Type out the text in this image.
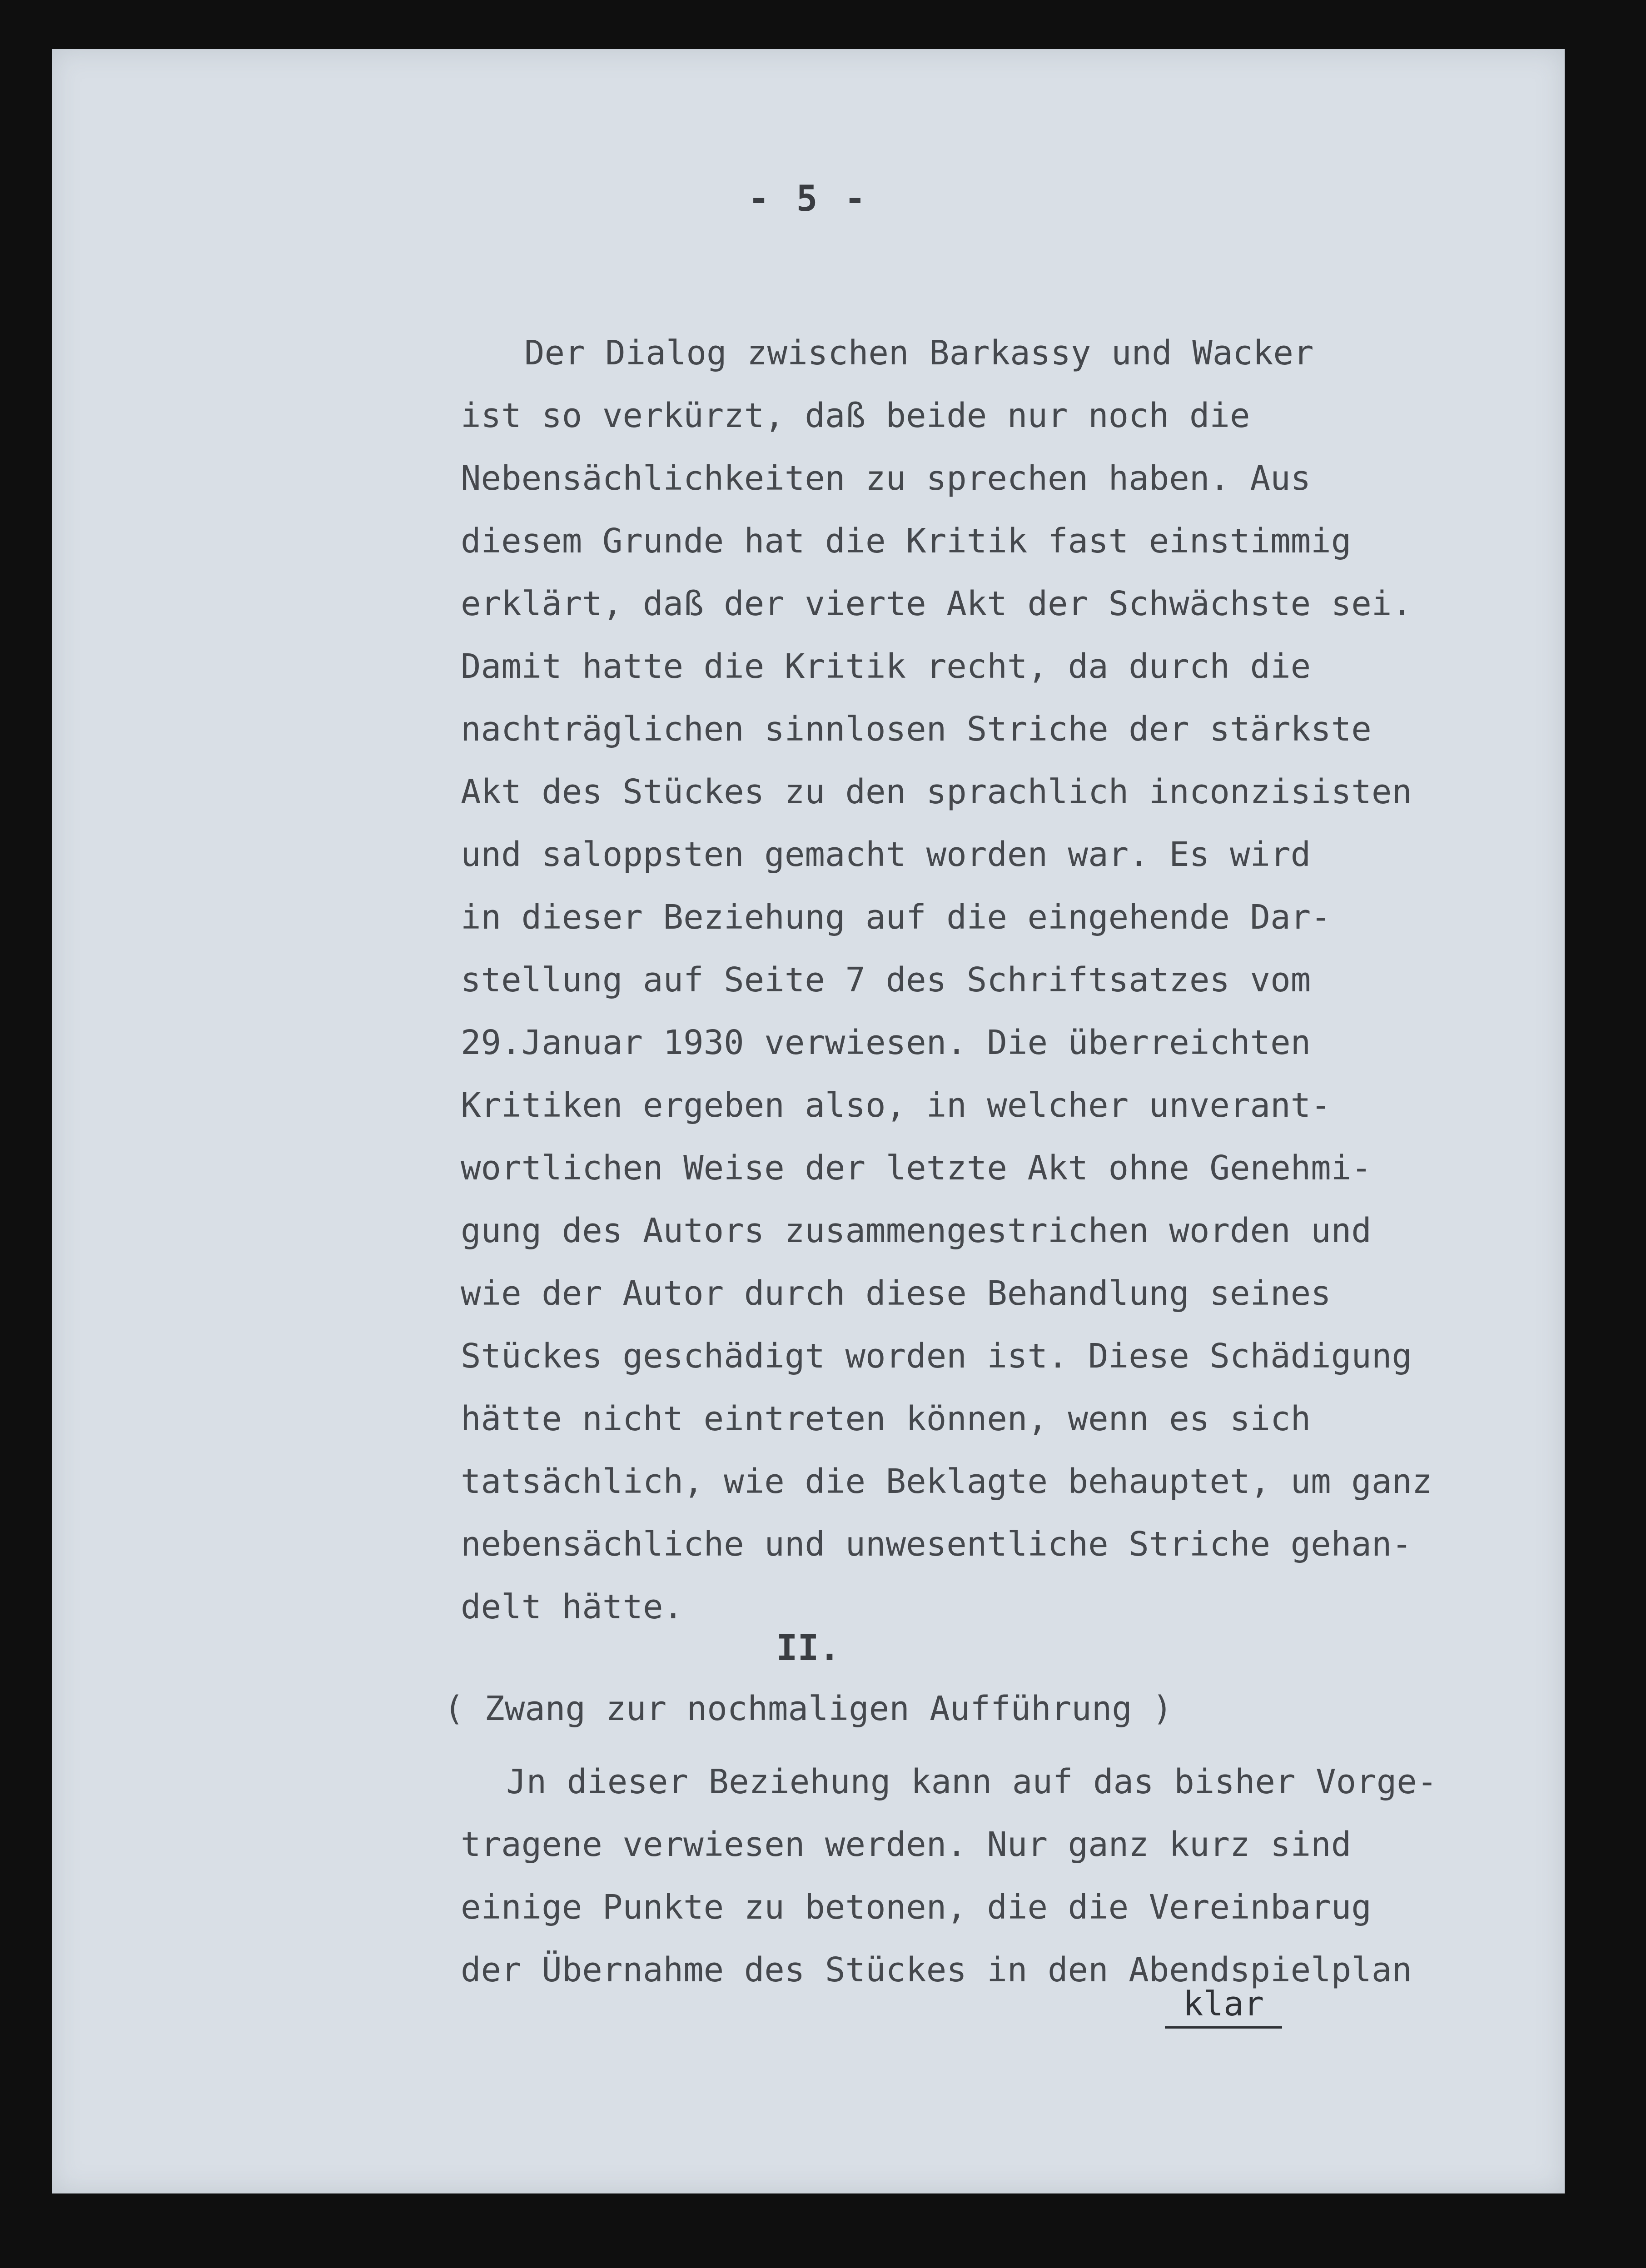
- 5 -

Der Dialog zwischen Barkassy und Wacker
ist so verkürzt, daß beide nur noch die
Nebensächlichkeiten zu sprechen haben. Aus
diesem Grunde hat die Kritik fast einstimmig
erklärt, daß der vierte Akt der Schwächste sei.
Damit hatte die Kritik recht, da durch die
nachträglichen sinnlosen Striche der stärkste
Akt des Stückes zu den sprachlich inconzisisten
und saloppsten gemacht worden war. Es wird
in dieser Beziehung auf die eingehende Dar-
stellung auf Seite 7 des Schriftsatzes vom
29.Januar 1930 verwiesen. Die überreichten
Kritiken ergeben also, in welcher unverant-
wortlichen Weise der letzte Akt ohne Genehmi-
gung des Autors zusammengestrichen worden und
wie der Autor durch diese Behandlung seines
Stückes geschädigt worden ist. Diese Schädigung
hätte nicht eintreten können, wenn es sich
tatsächlich, wie die Beklagte behauptet, um ganz
nebensächliche und unwesentliche Striche gehan-
delt hätte.

II.

( Zwang zur nochmaligen Aufführung )

Jn dieser Beziehung kann auf das bisher Vorge-
tragene verwiesen werden. Nur ganz kurz sind
einige Punkte zu betonen, die die Vereinbarug
der Übernahme des Stückes in den Abendspielplan

klar
